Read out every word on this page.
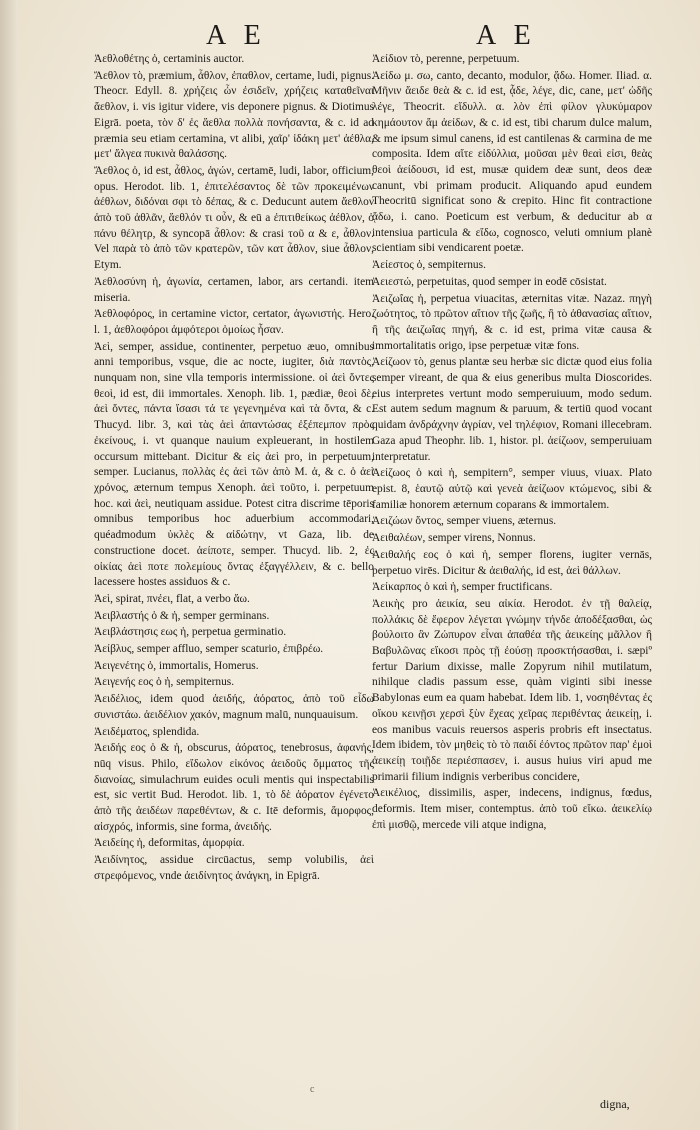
A E	A E

Ἀεθλοθέτης ὁ, certaminis auctor.

Ἄεθλον τὸ, præmium, ἆθλον, ἐπαθλον, certame, ludi, pignus. Theocr. Edyll. 8. χρήζεις ὦν ἐσιδεῖν, χρήζεις καταθεῖναι ἄεθλον, i. vis igitur videre, vis deponere pignus. & Diotimus Eigrā. poeta, τὸν δ' ἐς ἄεθλα πολλὰ πονήσαντα, & c. id ad præmia seu etiam certamina, vt alibi, χαῖρ' ἰδάκη μετ' ἀέθλα, μετ' ἄλγεα πυκινὰ θαλάσσης.

Ἄεθλος ὁ, id est, ἆθλος, ἀγών, certamē, ludi, labor, officium, opus. Herodot. lib. 1, ἐπιτελέσαντος δὲ τῶν προκειμένων ἀέθλων, διδόναι σφι τὸ δέπας, & c. Deducunt autem ἄεθλον ἀπὸ τοῦ ἀθλᾶν, ἄεθλόν τι οὖν, & eū a ἐπιτιθείκως ἀέθλον, ὁ πάνυ θέλητρ, & syncopā ἆθλον: & crasi τοῦ α & ε, ἆθλον. Vel παρὰ τὸ ἀπὸ τῶν κρατερῶν, τῶν κατ ἆθλον, siue ἆθλον, Etym.

Ἀεθλοσύνη ἡ, ἀγωνία, certamen, labor, ars certandi. item miseria.

Ἀεθλοφόρος, in certamine victor, certator, ἀγωνιστής. Hero. l. 1, ἀεθλοφόροι ἀμφότεροι ὁμοίως ἦσαν.

Ἀεὶ, semper, assidue, continenter, perpetuo æuo, omnibus anni temporibus, vsque, die ac nocte, iugiter, διὰ παντὸς, nunquam non, sine vlla temporis intermissione. οἱ ἀεὶ ὄντες θεοὶ, id est, dii immortales. Xenoph. lib. 1, pædiæ, θεοὶ δὲ, ἀεὶ ὄντες, πάντα ἴσασι τά τε γεγενημένα καὶ τὰ ὄντα, & c. Thucyd. libr. 3, καὶ τὰς ἀεὶ ἀπαντώσας ἐξέπεμπον πρὸς ἐκείνους, i. vt quanque nauium expleuerant, in hostilem occursum mittebant. Dicitur & εἰς ἀεὶ pro, in perpetuum, semper. Lucianus, πολλὰς ἐς ἀεὶ τῶν ἀπὸ Μ. ἀ, & c. ὁ ἀεὶ χρόνος, æternum tempus Xenoph. ἀεὶ τοῦτο, i. perpetuum hoc. καὶ ἀεὶ, neutiquam assidue. Potest citra discrime tēporis omnibus temporibus hoc aduerbium accommodari, quéadmodum ὑκλὲς & αἰδώτην, vt Gaza, lib. de constructione docet. ἀείποτε, semper. Thucyd. lib. 2, ἐς οἰκίας ἀεὶ ποτε πολεμίους ὄντας ἐξαγγέλλειν, & c. bello lacessere hostes assiduos & c.

Ἀεὶ, spirat, πνέει, flat, a verbo ἄω.

Ἀειβλαστής ὁ & ἡ, semper germinans.

Ἀειβλάστησις εως ἡ, perpetua germinatio.

Ἀείβλυς, semper affluo, semper scaturio, ἐπιβρέω.

Ἀειγενέτης ὁ, immortalis, Homerus.

Ἀειγενής εος ὁ ἡ, sempiternus.

Ἀειδέλιος, idem quod ἀειδής, ἀόρατος, ἀπὸ τοῦ εἶδω συνιστάω. ἀειδέλιον χακόν, magnum malū, nunquauisum.

Ἀειδέματος, splendida.

Ἀειδής εος ὁ & ἡ, obscurus, ἀόρατος, tenebrosus, ἀφανής, nūq visus. Philo, εἴδωλον εἰκόνος ἀειδοῦς ὄμματος τῆς διανοίας, simulachrum euides oculi mentis qui inspectabilis est, sic vertit Bud. Herodot. lib. 1, τὸ δὲ ἀόρατον ἐγένετο ἀπὸ τῆς ἀειδέων παρεθέντων, & c. Itē deformis, ἄμορφος, αἰσχρός, informis, sine forma, ἀνειδής.

Ἀειδείης ἡ, deformitas, ἀμορφία.

Ἀειδίνητος, assidue circūactus, semp volubilis, ἀεὶ στρεφόμενος, vnde ἀειδίνητος ἀνάγκη, in Epigrā.

Ἀείδιον τὸ, perenne, perpetuum.

Ἀείδω μ. σω, canto, decanto, modulor, ᾄδω. Homer. Iliad. α. Μῆνιν ἄειδε θεὰ & c. id est, ᾆδε, λέγε, dic, cane, μετ' ὠδῆς λέγε, Theocrit. εἴδυλλ. α. λὸν ἐπὶ φίλον γλυκύμαρον κημάουτον ἄμ ἀείδων, & c. id est, tibi charum dulce malum, & me ipsum simul canens, id est cantilenas & carmina de me composita. Idem αἴτε εἰδύλλια, μοῦσαι μὲν θεαὶ εἰσι, θεὰς θεοὶ ἀείδουσι, id est, musæ quidem deæ sunt, deos deæ canunt, vbi primam producit. Aliquando apud eundem Theocritū significat sono & crepito. Hinc fit contractione ᾄδω, i. cano. Poeticum est verbum, & deducitur ab α intensiua particula & εἴδω, cognosco, veluti omnium planè scientiam sibi vendicarent poetæ.

Ἀείεστος ὁ, sempiternus.

Ἀειεστώ, perpetuitas, quod semper in eodē cōsistat.

Ἀειζωΐας ἡ, perpetua viuacitas, æternitas vitæ. Nazaz. πηγὴ ζωότητος, τὸ πρῶτον αἴτιον τῆς ζωῆς, ἢ τὸ ἀθανασίας αἴτιον, ἢ τῆς ἀειζωΐας πηγή, & c. id est, prima vitæ causa & immortalitatis origo, ipse perpetuæ vitæ fons.

Ἀείζωον τὸ, genus plantæ seu herbæ sic dictæ quod eius folia semper vireant, de qua & eius generibus multa Dioscorides. eius interpretes vertunt modo semperuiuum, modo sedum. Est autem sedum magnum & paruum, & tertiū quod vocant quidam ἀνδράχνην ἀγρίαν, vel τηλέφιον, Romani illecebram. Gaza apud Theophr. lib. 1, histor. pl. ἀείζωον, semperuiuam interpretatur.

Ἀείζωος ὁ καὶ ἡ, sempitern°, semper viuus, viuax. Plato epist. 8, ἑαυτῷ αὐτῷ καὶ γενεὰ ἀείζωον κτώμενος, sibi & familiæ honorem æternum coparans & immortalem.

Ἀειζώων ὄντος, semper viuens, æternus.

Ἀειθαλέων, semper virens, Nonnus.

Ἀειθαλής εος ὁ καὶ ἡ, semper florens, iugiter vernās, perpetuo virēs. Dicitur & ἀειθαλής, id est, ἀεὶ θάλλων.

Ἀείκαρπος ὁ καὶ ἡ, semper fructificans.

Ἀεικὴς pro ἀεικία, seu αἰκία. Herodot. ἐν τῇ θαλείᾳ, πολλάκις δὲ ἔφερον λέγεται γνώμην τήνδε ἀποδέξασθαι, ὡς βούλοιτο ἂν Ζώπυρον εἶναι ἀπαθέα τῆς ἀεικείης μᾶλλον ἢ Βαβυλῶνας εἴκοσι πρὸς τῇ ἐούσῃ προσκτήσασθαι, i. sæpiº fertur Darium dixisse, malle Zopyrum nihil mutilatum, nihilque cladis passum esse, quàm viginti sibi inesse Babylonas eum ea quam habebat. Idem lib. 1, νοσηθέντας ἐς οἴκου κεινῇσι χερσὶ ξὺν ἔχεας χεῖρας περιθέντας ἀεικείῃ, i. eos manibus vacuis reuersos asperis probris eft insectatus. Idem ibidem, τὸν μηθεὶς τὸ τὸ παιδί ἐόντος πρῶτον παρ' ἐμοὶ ἀεικείῃ τοιῇδε περιέσπασεν, i. ausus huius viri apud me primarii filium indignis verberibus concidere,

Ἀεικέλιος, dissimilis, asper, indecens, indignus, fœdus, deformis. Item miser, contemptus. ἀπὸ τοῦ εἴκω. ἀεικελίῳ ἐπὶ μισθῷ, mercede vili atque indigna,

c
digna,
